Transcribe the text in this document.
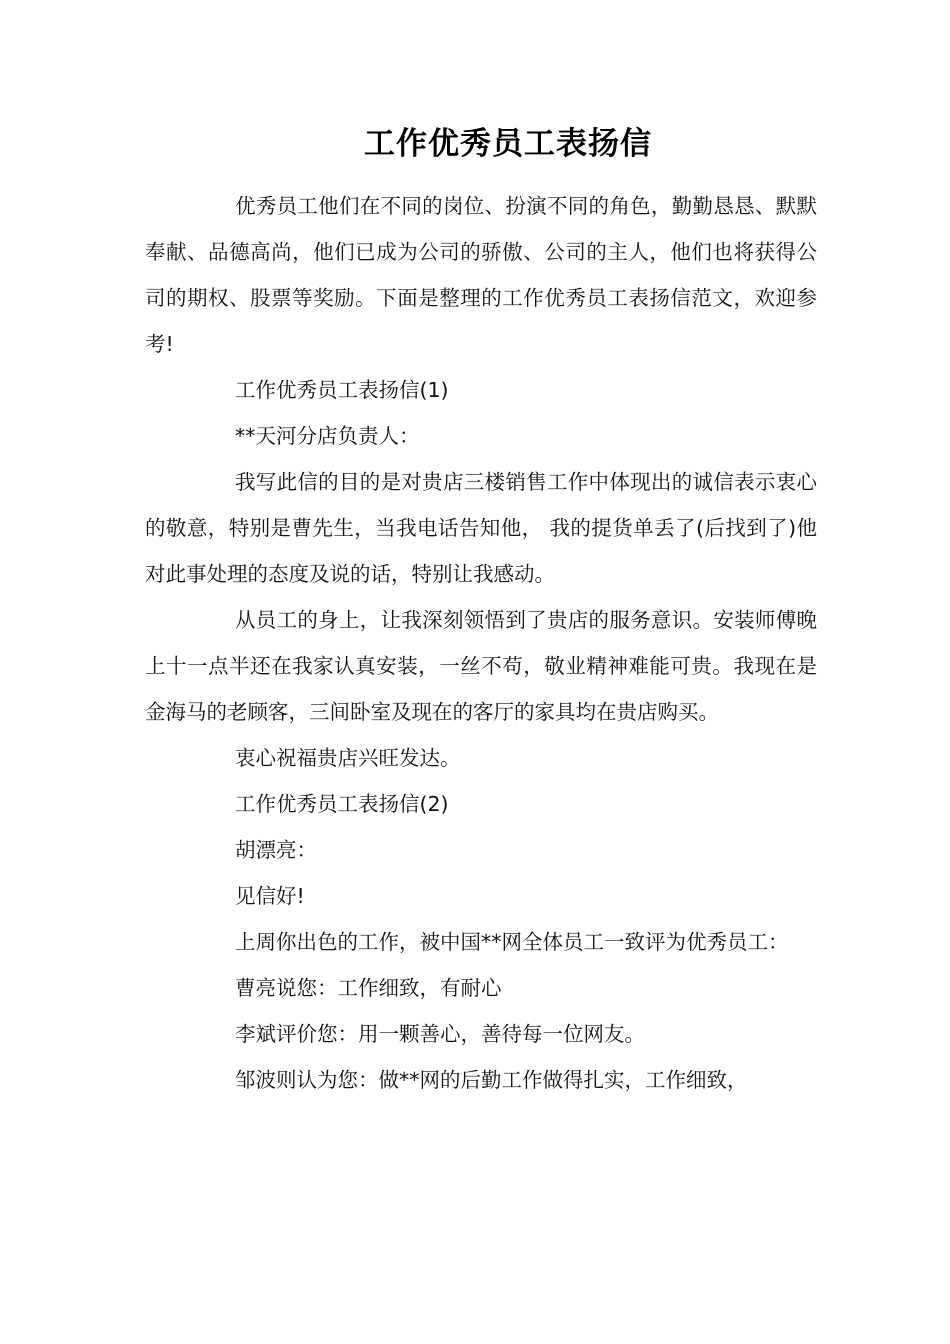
工作优秀员工表扬信

优秀员工他们在不同的岗位、扮演不同的角色，勤勤恳恳、默默奉献、品德高尚，他们已成为公司的骄傲、公司的主人，他们也将获得公司的期权、股票等奖励。下面是整理的工作优秀员工表扬信范文，欢迎参考!

工作优秀员工表扬信(1)

**天河分店负责人：

我写此信的目的是对贵店三楼销售工作中体现出的诚信表示衷心的敬意，特别是曹先生，当我电话告知他， 我的提货单丢了(后找到了)他对此事处理的态度及说的话，特别让我感动。

从员工的身上，让我深刻领悟到了贵店的服务意识。安装师傅晚上十一点半还在我家认真安装，一丝不苟，敬业精神难能可贵。我现在是金海马的老顾客，三间卧室及现在的客厅的家具均在贵店购买。

衷心祝福贵店兴旺发达。

工作优秀员工表扬信(2)

胡漂亮：

见信好!

上周你出色的工作，被中国**网全体员工一致评为优秀员工：

曹亮说您：工作细致，有耐心

李斌评价您：用一颗善心，善待每一位网友。

邹波则认为您：做**网的后勤工作做得扎实，工作细致，
